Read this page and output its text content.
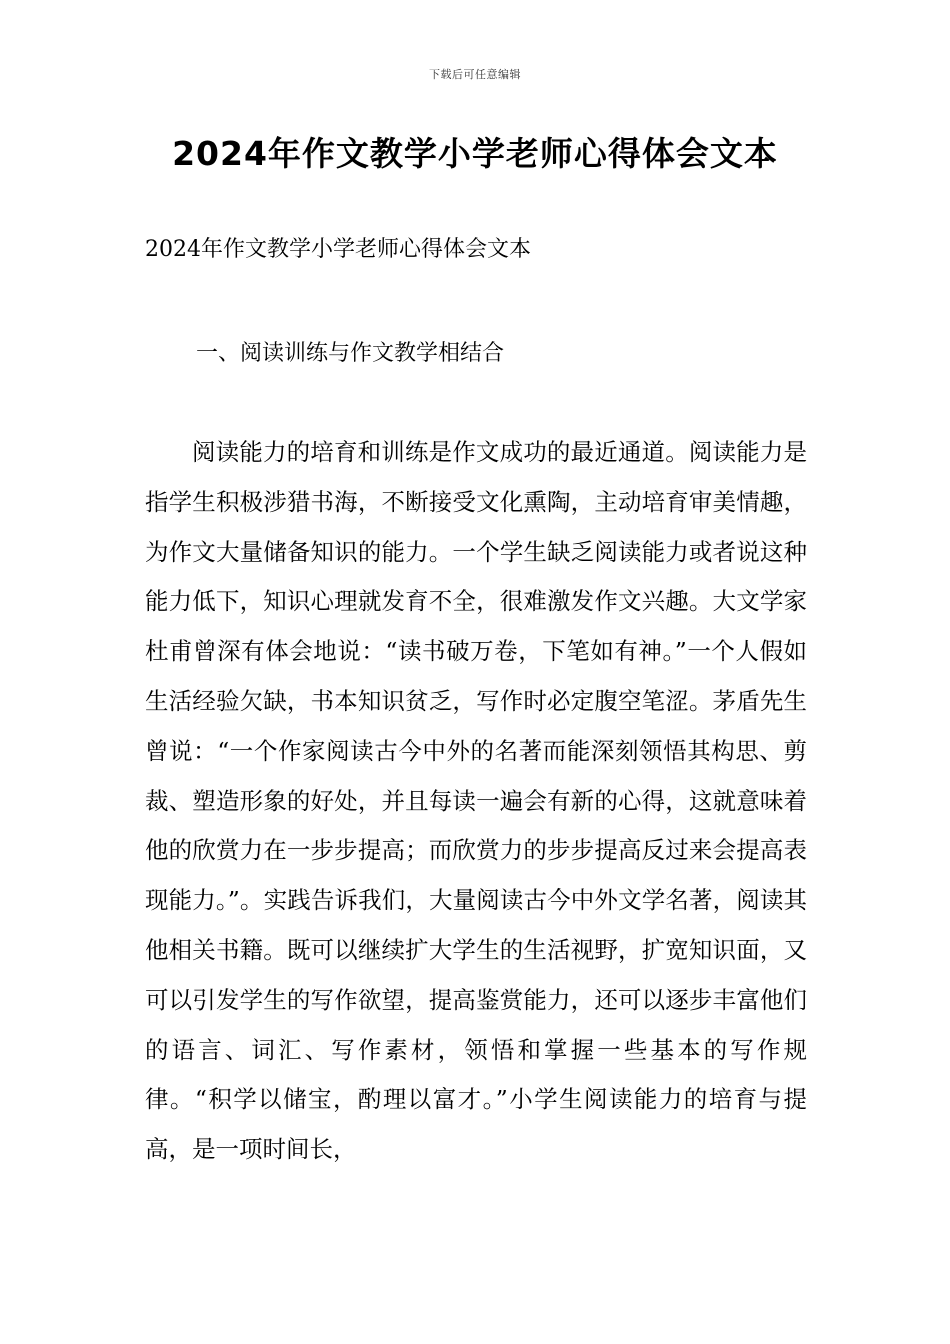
下载后可任意编辑
2024年作文教学小学老师心得体会文本

2024年作文教学小学老师心得体会文本

一、阅读训练与作文教学相结合

阅读能力的培育和训练是作文成功的最近通道。阅读能力是指学生积极涉猎书海，不断接受文化熏陶，主动培育审美情趣，为作文大量储备知识的能力。一个学生缺乏阅读能力或者说这种能力低下，知识心理就发育不全，很难激发作文兴趣。大文学家杜甫曾深有体会地说：“读书破万卷，下笔如有神。”一个人假如生活经验欠缺，书本知识贫乏，写作时必定腹空笔涩。茅盾先生曾说：“一个作家阅读古今中外的名著而能深刻领悟其构思、剪裁、塑造形象的好处，并且每读一遍会有新的心得，这就意味着他的欣赏力在一步步提高；而欣赏力的步步提高反过来会提高表现能力。”。实践告诉我们，大量阅读古今中外文学名著，阅读其他相关书籍。既可以继续扩大学生的生活视野，扩宽知识面，又可以引发学生的写作欲望，提高鉴赏能力，还可以逐步丰富他们的语言、词汇、写作素材，领悟和掌握一些基本的写作规律。“积学以储宝，酌理以富才。”小学生阅读能力的培育与提高，是一项时间长，
